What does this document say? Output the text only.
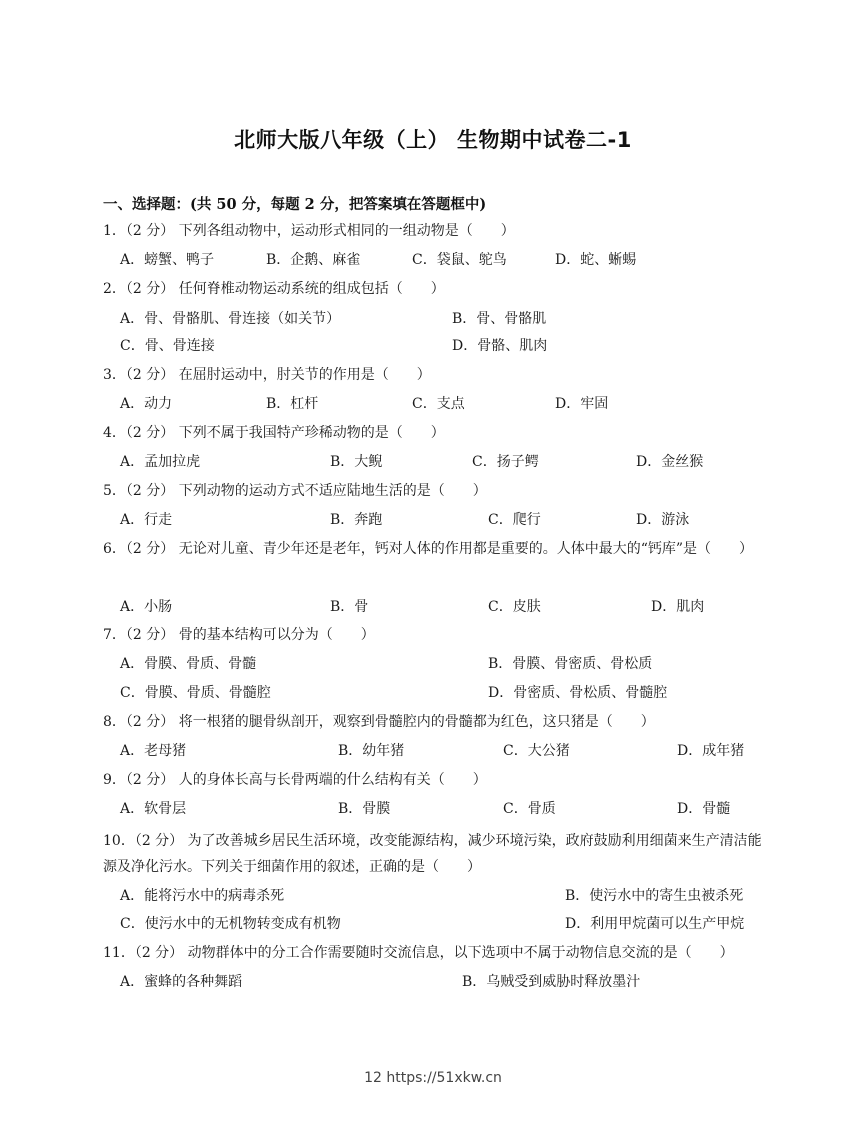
北师大版八年级（上） 生物期中试卷二-1
一、选择题：(共 50 分，每题 2 分，把答案填在答题框中)
1．（2 分） 下列各组动物中，运动形式相同的一组动物是（　　）
A．螃蟹、鸭子	B．企鹅、麻雀	C．袋鼠、鸵鸟	D．蛇、蜥蜴
2．（2 分） 任何脊椎动物运动系统的组成包括（　　）
A．骨、骨骼肌、骨连接（如关节）	B．骨、骨骼肌
C．骨、骨连接	D．骨骼、肌肉
3．（2 分） 在屈肘运动中，肘关节的作用是（　　）
A．动力	B．杠杆	C．支点	D．牢固
4．（2 分） 下列不属于我国特产珍稀动物的是（　　）
A．孟加拉虎	B．大鲵	C．扬子鳄	D．金丝猴
5．（2 分） 下列动物的运动方式不适应陆地生活的是（　　）
A．行走	B．奔跑	C．爬行	D．游泳
6．（2 分） 无论对儿童、青少年还是老年，钙对人体的作用都是重要的。人体中最大的“钙库”是（　　）
A．小肠	B．骨	C．皮肤	D．肌肉
7．（2 分） 骨的基本结构可以分为（　　）
A．骨膜、骨质、骨髓	B．骨膜、骨密质、骨松质
C．骨膜、骨质、骨髓腔	D．骨密质、骨松质、骨髓腔
8．（2 分） 将一根猪的腿骨纵剖开，观察到骨髓腔内的骨髓都为红色，这只猪是（　　）
A．老母猪	B．幼年猪	C．大公猪	D．成年猪
9．（2 分） 人的身体长高与长骨两端的什么结构有关（　　）
A．软骨层	B．骨膜	C．骨质	D．骨髓
10．（2 分） 为了改善城乡居民生活环境，改变能源结构，减少环境污染，政府鼓励利用细菌来生产清洁能源及净化污水。下列关于细菌作用的叙述，正确的是（　　）
A．能将污水中的病毒杀死	B．使污水中的寄生虫被杀死
C．使污水中的无机物转变成有机物	D．利用甲烷菌可以生产甲烷
11．（2 分） 动物群体中的分工合作需要随时交流信息，以下选项中不属于动物信息交流的是（　　）
A．蜜蜂的各种舞蹈	B．乌贼受到威胁时释放墨汁
12 https://51xkw.cn
